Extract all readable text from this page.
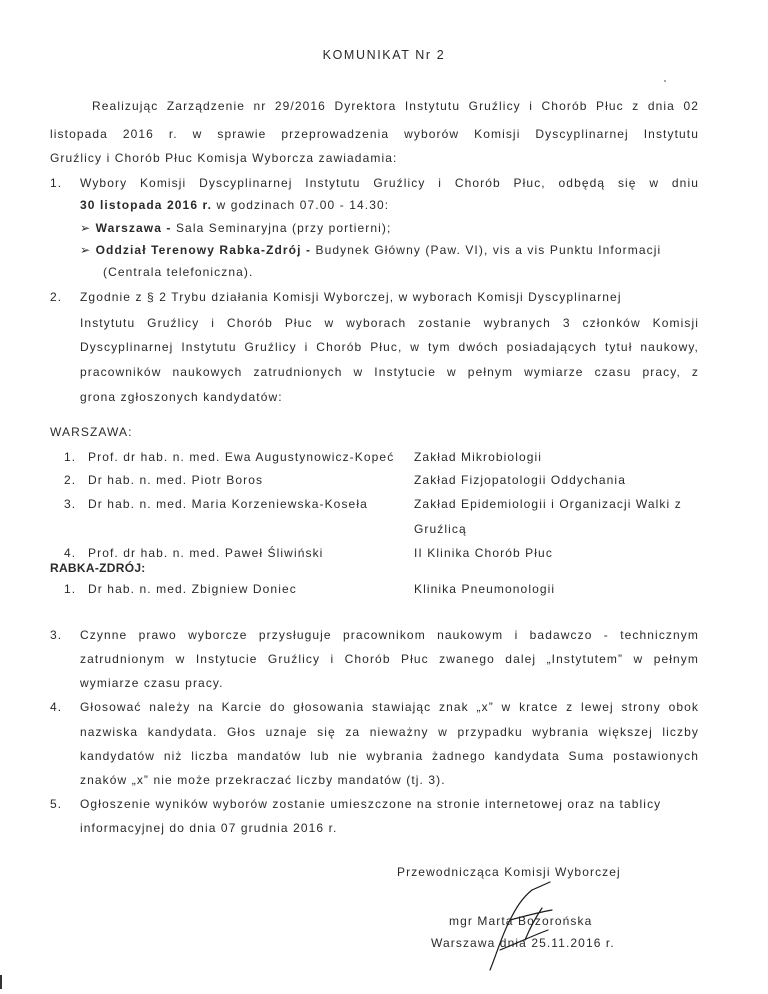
KOMUNIKAT Nr 2
Realizując Zarządzenie nr 29/2016 Dyrektora Instytutu Gruźlicy i Chorób Płuc z dnia 02
listopada 2016 r. w sprawie przeprowadzenia wyborów Komisji Dyscyplinarnej Instytutu
Gruźlicy i Chorób Płuc Komisja Wyborcza zawiadamia:
1. Wybory Komisji Dyscyplinarnej Instytutu Gruźlicy i Chorób Płuc, odbędą się w dniu
30 listopada 2016 r. w godzinach 07.00 - 14.30:
➢ Warszawa - Sala Seminaryjna (przy portierni);
➢ Oddział Terenowy Rabka-Zdrój - Budynek Główny (Paw. VI), vis a vis Punktu Informacji
(Centrala telefoniczna).
2. Zgodnie z § 2 Trybu działania Komisji Wyborczej, w wyborach Komisji Dyscyplinarnej
Instytutu Gruźlicy i Chorób Płuc w wyborach zostanie wybranych 3 członków Komisji
Dyscyplinarnej Instytutu Gruźlicy i Chorób Płuc, w tym dwóch posiadających tytuł naukowy,
pracowników naukowych zatrudnionych w Instytucie w pełnym wymiarze czasu pracy, z
grona zgłoszonych kandydatów:
WARSZAWA:
1. Prof. dr hab. n. med. Ewa Augustynowicz-Kopeć Zakład Mikrobiologii
2. Dr hab. n. med. Piotr Boros	Zakład Fizjopatologii Oddychania
3. Dr hab. n. med. Maria Korzeniewska-Koseła	Zakład Epidemiologii i Organizacji Walki z
Gruźlicą
4. Prof. dr hab. n. med. Paweł Śliwiński	II Klinika Chorób Płuc
RABKA-ZDRÓJ:
1. Dr hab. n. med. Zbigniew Doniec	Klinika Pneumonologii
3. Czynne prawo wyborcze przysługuje pracownikom naukowym i badawczo - technicznym
zatrudnionym w Instytucie Gruźlicy i Chorób Płuc zwanego dalej „Instytutem” w pełnym
wymiarze czasu pracy.
4. Głosować należy na Karcie do głosowania stawiając znak „x” w kratce z lewej strony obok
nazwiska kandydata. Głos uznaje się za nieważny w przypadku wybrania większej liczby
kandydatów niż liczba mandatów lub nie wybrania żadnego kandydata Suma postawionych
znaków „x” nie może przekraczać liczby mandatów (tj. 3).
5. Ogłoszenie wyników wyborów zostanie umieszczone na stronie internetowej oraz na tablicy
informacyjnej do dnia 07 grudnia 2016 r.
Przewodnicząca Komisji Wyborczej
mgr Marta Bozorońska
Warszawa dnia 25.11.2016 r.
